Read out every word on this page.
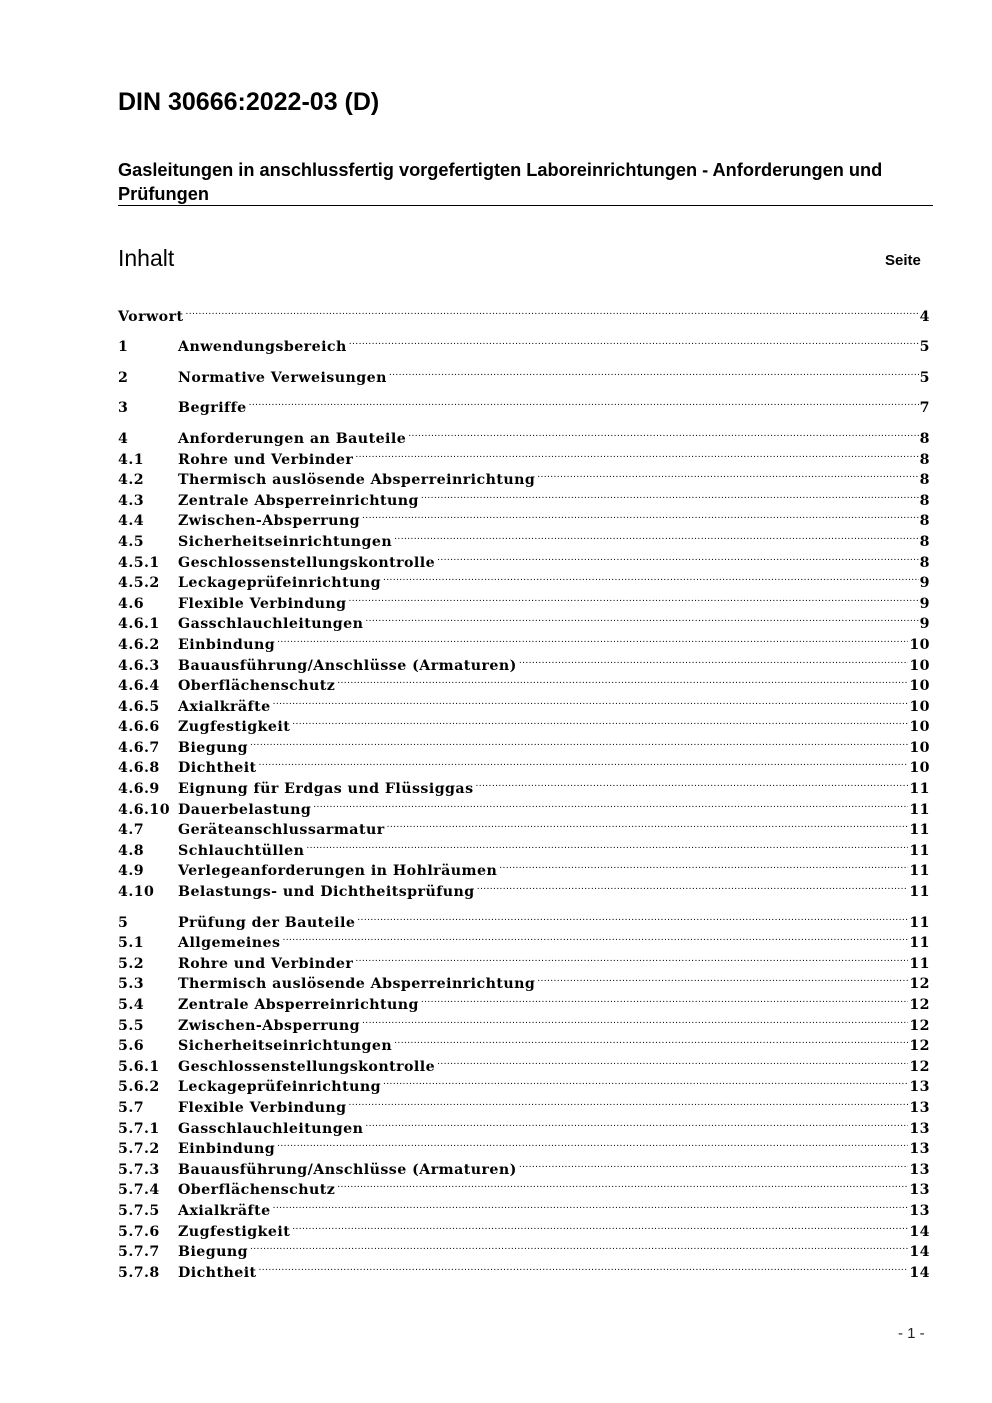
DIN 30666:2022-03 (D)
Gasleitungen in anschlussfertig vorgefertigten Laboreinrichtungen - Anforderungen und Prüfungen
Inhalt	Seite
Vorwort .....	4
1	Anwendungsbereich .....	5
2	Normative Verweisungen .....	5
3	Begriffe .....	7
4	Anforderungen an Bauteile .....	8
4.1	Rohre und Verbinder .....	8
4.2	Thermisch auslösende Absperreinrichtung .....	8
4.3	Zentrale Absperreinrichtung .....	8
4.4	Zwischen-Absperrung .....	8
4.5	Sicherheitseinrichtungen .....	8
4.5.1	Geschlossenstellungskontrolle .....	8
4.5.2	Leckageprüfeinrichtung .....	9
4.6	Flexible Verbindung .....	9
4.6.1	Gasschlauchleitungen .....	9
4.6.2	Einbindung .....	10
4.6.3	Bauausführung/Anschlüsse (Armaturen) .....	10
4.6.4	Oberflächenschutz .....	10
4.6.5	Axialkräfte .....	10
4.6.6	Zugfestigkeit .....	10
4.6.7	Biegung .....	10
4.6.8	Dichtheit .....	10
4.6.9	Eignung für Erdgas und Flüssiggas .....	11
4.6.10 Dauerbelastung .....	11
4.7	Geräteanschlussarmatur .....	11
4.8	Schlauchtüllen .....	11
4.9	Verlegeanforderungen in Hohlräumen .....	11
4.10	Belastungs- und Dichtheitsprüfung .....	11
5	Prüfung der Bauteile .....	11
5.1	Allgemeines .....	11
5.2	Rohre und Verbinder .....	11
5.3	Thermisch auslösende Absperreinrichtung .....	12
5.4	Zentrale Absperreinrichtung .....	12
5.5	Zwischen-Absperrung .....	12
5.6	Sicherheitseinrichtungen .....	12
5.6.1	Geschlossenstellungskontrolle .....	12
5.6.2	Leckageprüfeinrichtung .....	13
5.7	Flexible Verbindung .....	13
5.7.1	Gasschlauchleitungen .....	13
5.7.2	Einbindung .....	13
5.7.3	Bauausführung/Anschlüsse (Armaturen) .....	13
5.7.4	Oberflächenschutz .....	13
5.7.5	Axialkräfte .....	13
5.7.6	Zugfestigkeit .....	14
5.7.7	Biegung .....	14
5.7.8	Dichtheit .....	14
- 1 -
